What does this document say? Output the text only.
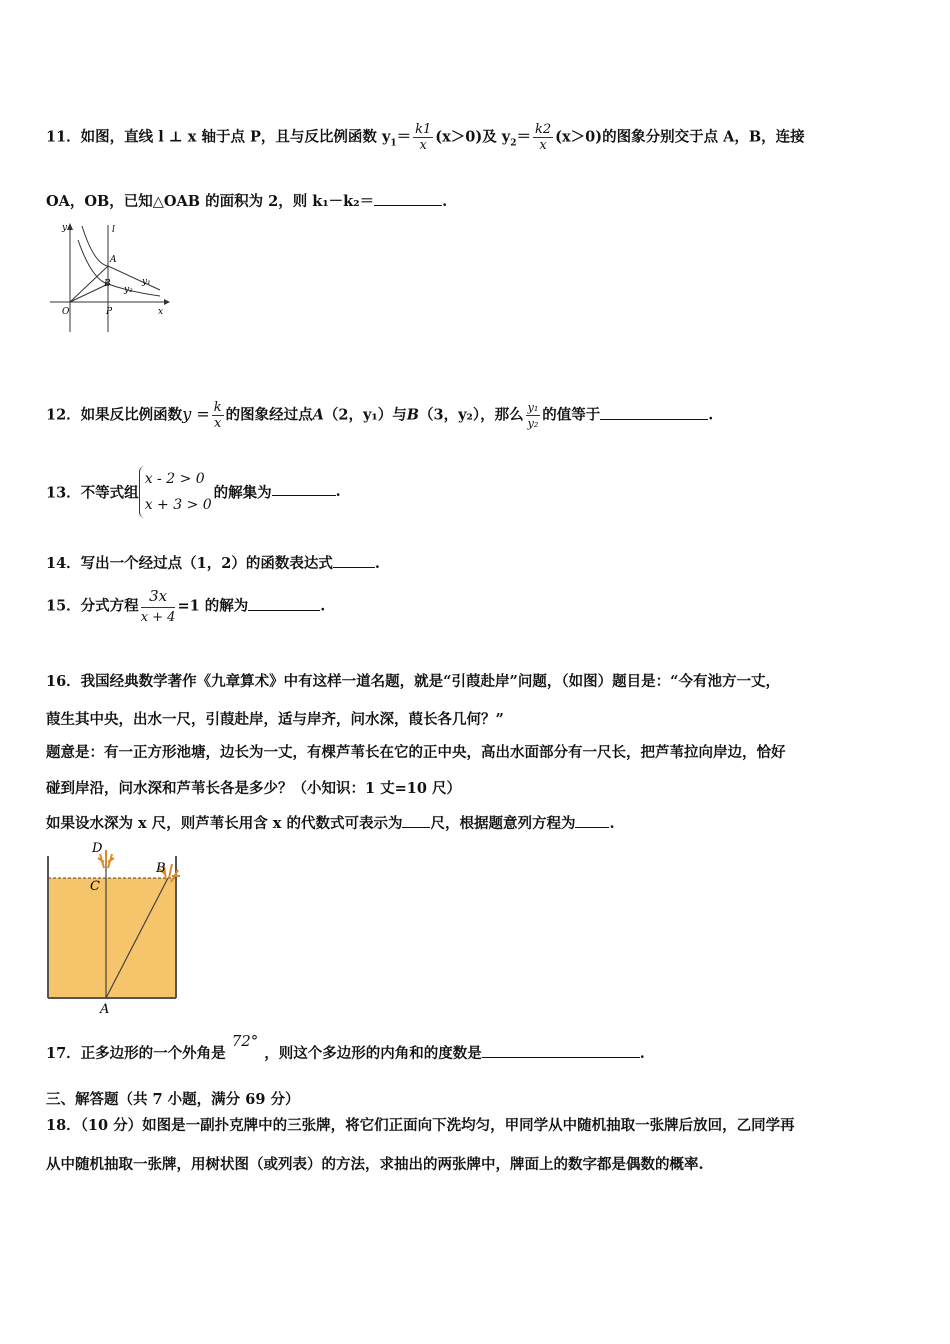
11．如图，直线 l ⊥ x 轴于点 P，且与反比例函数 $y_1= \frac{k1}{x} (x>0)$及 $y_2= \frac{k2}{x} (x>0)$的图象分别交于点 A，B，连接
OA，OB，已知△OAB 的面积为 2，则 k₁－k₂＝	.
y	l
A
B	y₁
y₂
O	P	x
12．如果反比例函数$y = \frac{k}{x}$ 的图象经过点A（2，y₁）与B（3，y₂），那么 $\frac{\text{y₁}}{\text{y₂}}$ 的值等于	.
13．不等式组
x - 2 > 0
x + 3 > 0
的解集为	.
14．写出一个经过点（1，2）的函数表达式	.
15．分式方程 $\frac{3x}{x + 4} =1$ 的解为	.
16．我国经典数学著作《九章算术》中有这样一道名题，就是“引葭赴岸”问题，（如图）题目是：“今有池方一丈，
葭生其中央，出水一尺，引葭赴岸，适与岸齐，问水深，葭长各几何？”
题意是：有一正方形池塘，边长为一丈，有棵芦苇长在它的正中央，高出水面部分有一尺长，把芦苇拉向岸边，恰好
碰到岸沿，问水深和芦苇长各是多少？（小知识：1 丈=10 尺）
如果设水深为 x 尺，则芦苇长用含 x 的代数式可表示为 尺，根据题意列方程为 .
D
C
B
A
17．正多边形的一个外角是72°，则这个多边形的内角和的度数是	.
三、解答题（共 7 小题，满分 69 分）
18．（10 分）如图是一副扑克牌中的三张牌，将它们正面向下洗均匀，甲同学从中随机抽取一张牌后放回，乙同学再
从中随机抽取一张牌，用树状图（或列表）的方法，求抽出的两张牌中，牌面上的数字都是偶数的概率.
